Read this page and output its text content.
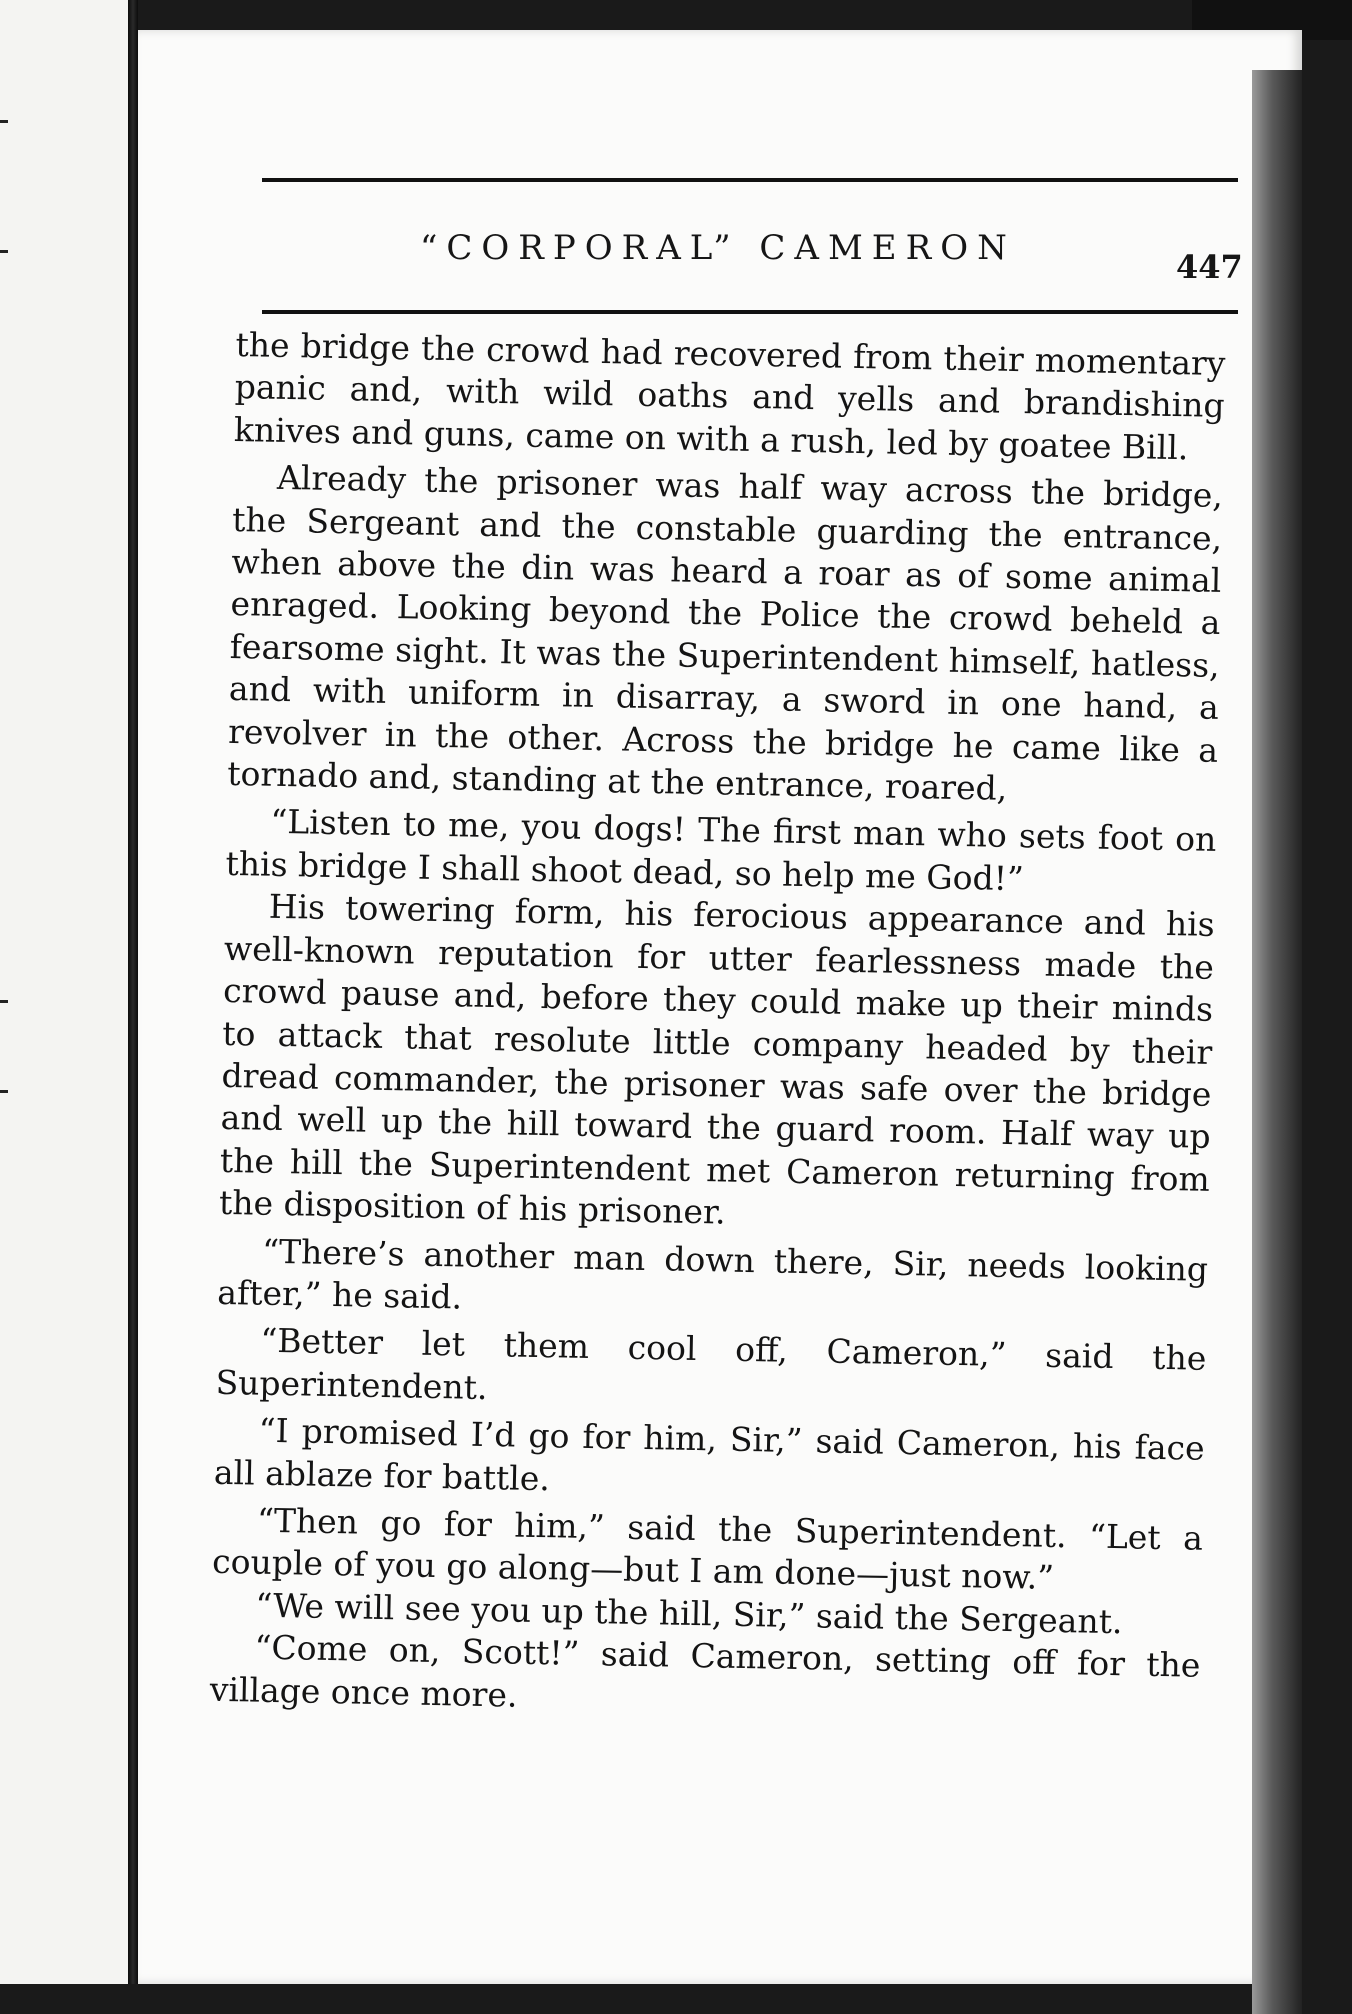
“CORPORAL” CAMERON	447

the bridge the crowd had recovered from their momentary panic and, with wild oaths and yells and brandishing knives and guns, came on with a rush, led by goatee Bill.

Already the prisoner was half way across the bridge, the Sergeant and the constable guarding the entrance, when above the din was heard a roar as of some animal enraged. Looking beyond the Police the crowd beheld a fearsome sight. It was the Superintendent himself, hatless, and with uniform in disarray, a sword in one hand, a revolver in the other. Across the bridge he came like a tornado and, standing at the entrance, roared,

“Listen to me, you dogs! The first man who sets foot on this bridge I shall shoot dead, so help me God!”

His towering form, his ferocious appearance and his well-known reputation for utter fearlessness made the crowd pause and, before they could make up their minds to attack that resolute little company headed by their dread commander, the prisoner was safe over the bridge and well up the hill toward the guard room. Half way up the hill the Superintendent met Cameron returning from the disposition of his prisoner.

“There’s another man down there, Sir, needs looking after,” he said.

“Better let them cool off, Cameron,” said the Superintendent.

“I promised I’d go for him, Sir,” said Cameron, his face all ablaze for battle.

“Then go for him,” said the Superintendent. “Let a couple of you go along—but I am done—just now.”

“We will see you up the hill, Sir,” said the Sergeant.

“Come on, Scott!” said Cameron, setting off for the village once more.
